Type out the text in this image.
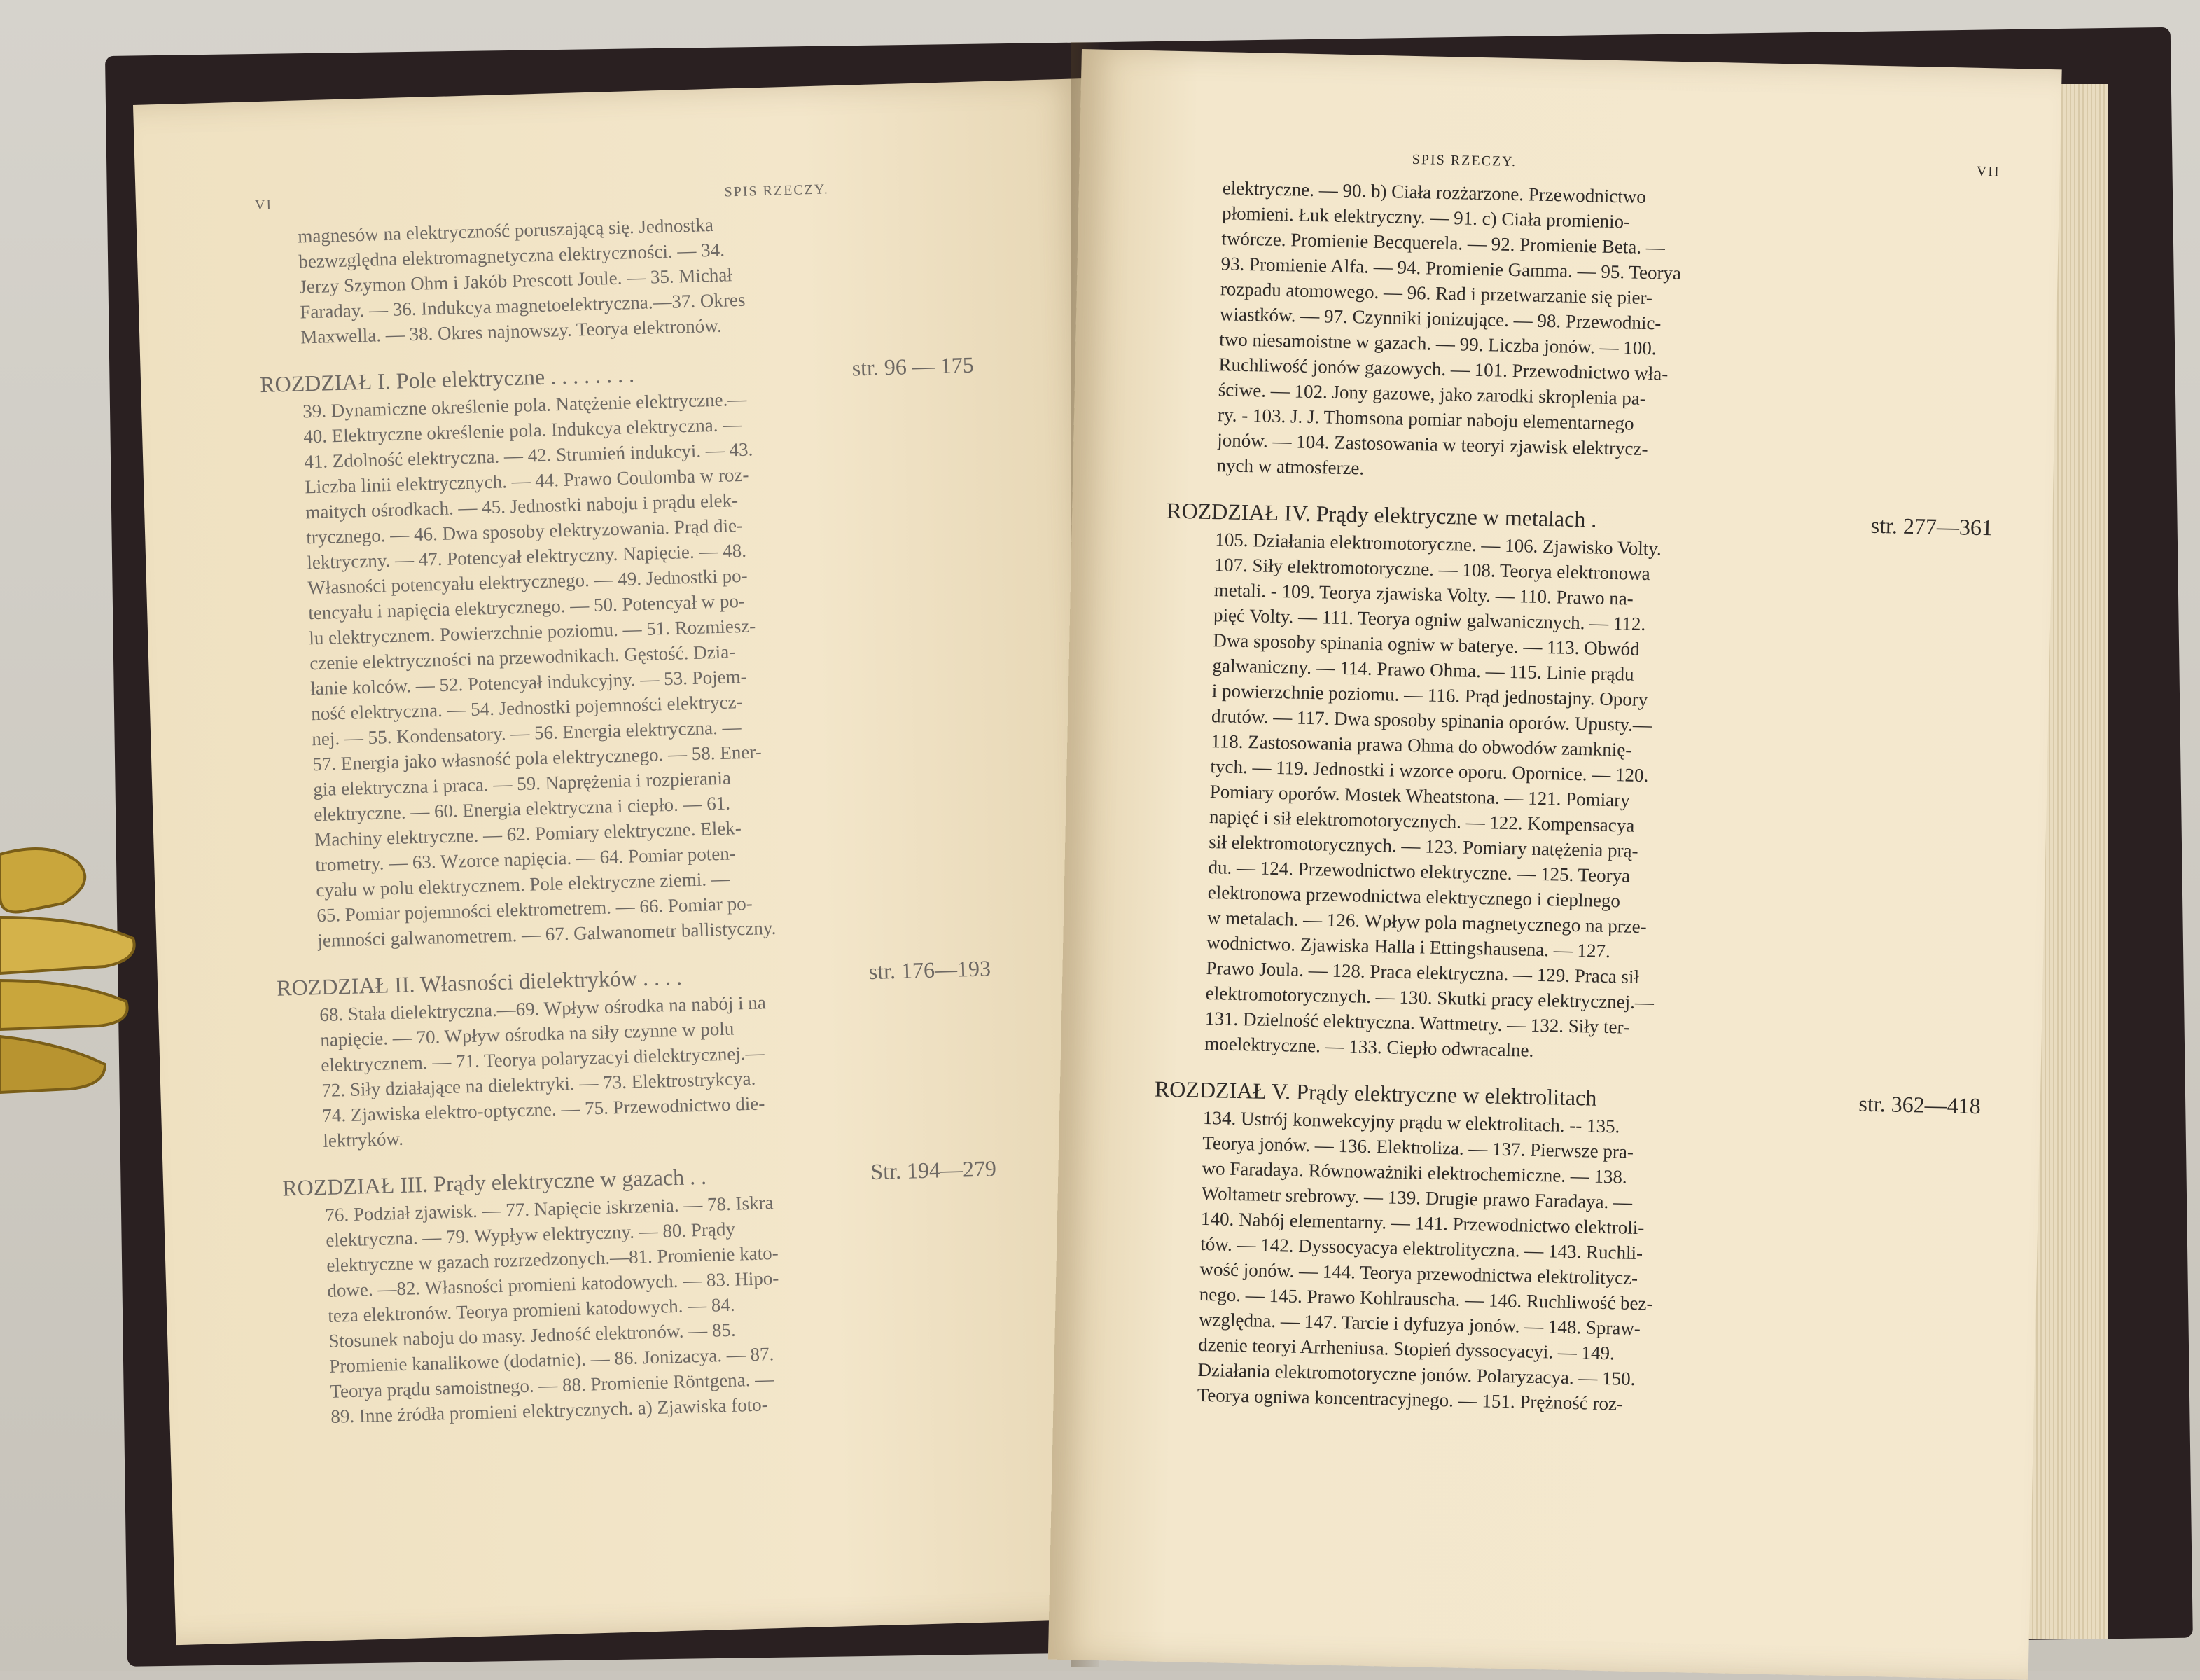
VI
SPIS RZECZY.
magnesów na elektryczność poruszającą się. Jednostka
bezwzględna elektromagnetyczna elektryczności. — 34.
Jerzy Szymon Ohm i Jakób Prescott Joule. — 35. Michał
Faraday. — 36. Indukcya magnetoelektryczna.—37. Okres
Maxwella. — 38. Okres najnowszy. Teorya elektronów.
ROZDZIAŁ I. Pole elektryczne . . . . . . . .	str. 96 — 175
39. Dynamiczne określenie pola. Natężenie elektryczne.—
40. Elektryczne określenie pola. Indukcya elektryczna. —
41. Zdolność elektryczna. — 42. Strumień indukcyi. — 43.
Liczba linii elektrycznych. — 44. Prawo Coulomba w roz-
maitych ośrodkach. — 45. Jednostki naboju i prądu elek-
trycznego. — 46. Dwa sposoby elektryzowania. Prąd die-
lektryczny. — 47. Potencyał elektryczny. Napięcie. — 48.
Własności potencyału elektrycznego. — 49. Jednostki po-
tencyału i napięcia elektrycznego. — 50. Potencyał w po-
lu elektrycznem. Powierzchnie poziomu. — 51. Rozmiesz-
czenie elektryczności na przewodnikach. Gęstość. Dzia-
łanie kolców. — 52. Potencyał indukcyjny. — 53. Pojem-
ność elektryczna. — 54. Jednostki pojemności elektrycz-
nej. — 55. Kondensatory. — 56. Energia elektryczna. —
57. Energia jako własność pola elektrycznego. — 58. Ener-
gia elektryczna i praca. — 59. Naprężenia i rozpierania
elektryczne. — 60. Energia elektryczna i ciepło. — 61.
Machiny elektryczne. — 62. Pomiary elektryczne. Elek-
trometry. — 63. Wzorce napięcia. — 64. Pomiar poten-
cyału w polu elektrycznem. Pole elektryczne ziemi. —
65. Pomiar pojemności elektrometrem. — 66. Pomiar po-
jemności galwanometrem. — 67. Galwanometr ballistyczny.
ROZDZIAŁ II. Własności dielektryków . . . .	str. 176—193
68. Stała dielektryczna.—69. Wpływ ośrodka na nabój i na
napięcie. — 70. Wpływ ośrodka na siły czynne w polu
elektrycznem. — 71. Teorya polaryzacyi dielektrycznej.—
72. Siły działające na dielektryki. — 73. Elektrostrykcya.
74. Zjawiska elektro-optyczne. — 75. Przewodnictwo die-
lektryków.
ROZDZIAŁ III. Prądy elektryczne w gazach . .	Str. 194—279
76. Podział zjawisk. — 77. Napięcie iskrzenia. — 78. Iskra
elektryczna. — 79. Wypływ elektryczny. — 80. Prądy
elektryczne w gazach rozrzedzonych.—81. Promienie kato-
dowe. —82. Własności promieni katodowych. — 83. Hipo-
teza elektronów. Teorya promieni katodowych. — 84.
Stosunek naboju do masy. Jedność elektronów. — 85.
Promienie kanalikowe (dodatnie). — 86. Jonizacya. — 87.
Teorya prądu samoistnego. — 88. Promienie Röntgena. —
89. Inne źródła promieni elektrycznych. a) Zjawiska foto-
SPIS RZECZY.
VII
elektryczne. — 90. b) Ciała rozżarzone. Przewodnictwo
płomieni. Łuk elektryczny. — 91. c) Ciała promienio-
twórcze. Promienie Becquerela. — 92. Promienie Beta. —
93. Promienie Alfa. — 94. Promienie Gamma. — 95. Teorya
rozpadu atomowego. — 96. Rad i przetwarzanie się pier-
wiastków. — 97. Czynniki jonizujące. — 98. Przewodnic-
two niesamoistne w gazach. — 99. Liczba jonów. — 100.
Ruchliwość jonów gazowych. — 101. Przewodnictwo wła-
ściwe. — 102. Jony gazowe, jako zarodki skroplenia pa-
ry. - 103. J. J. Thomsona pomiar naboju elementarnego
jonów. — 104. Zastosowania w teoryi zjawisk elektrycz-
nych w atmosferze.
ROZDZIAŁ IV. Prądy elektryczne w metalach .	str. 277—361
105. Działania elektromotoryczne. — 106. Zjawisko Volty.
107. Siły elektromotoryczne. — 108. Teorya elektronowa
metali. - 109. Teorya zjawiska Volty. — 110. Prawo na-
pięć Volty. — 111. Teorya ogniw galwanicznych. — 112.
Dwa sposoby spinania ogniw w baterye. — 113. Obwód
galwaniczny. — 114. Prawo Ohma. — 115. Linie prądu
i powierzchnie poziomu. — 116. Prąd jednostajny. Opory
drutów. — 117. Dwa sposoby spinania oporów. Upusty.—
118. Zastosowania prawa Ohma do obwodów zamknię-
tych. — 119. Jednostki i wzorce oporu. Opornice. — 120.
Pomiary oporów. Mostek Wheatstona. — 121. Pomiary
napięć i sił elektromotorycznych. — 122. Kompensacya
sił elektromotorycznych. — 123. Pomiary natężenia prą-
du. — 124. Przewodnictwo elektryczne. — 125. Teorya
elektronowa przewodnictwa elektrycznego i cieplnego
w metalach. — 126. Wpływ pola magnetycznego na prze-
wodnictwo. Zjawiska Halla i Ettingshausena. — 127.
Prawo Joula. — 128. Praca elektryczna. — 129. Praca sił
elektromotorycznych. — 130. Skutki pracy elektrycznej.—
131. Dzielność elektryczna. Wattmetry. — 132. Siły ter-
moelektryczne. — 133. Ciepło odwracalne.
ROZDZIAŁ V. Prądy elektryczne w elektrolitach	str. 362—418
134. Ustrój konwekcyjny prądu w elektrolitach. -- 135.
Teorya jonów. — 136. Elektroliza. — 137. Pierwsze pra-
wo Faradaya. Równoważniki elektrochemiczne. — 138.
Woltametr srebrowy. — 139. Drugie prawo Faradaya. —
140. Nabój elementarny. — 141. Przewodnictwo elektroli-
tów. — 142. Dyssocyacya elektrolityczna. — 143. Ruchli-
wość jonów. — 144. Teorya przewodnictwa elektrolitycz-
nego. — 145. Prawo Kohlrauscha. — 146. Ruchliwość bez-
względna. — 147. Tarcie i dyfuzya jonów. — 148. Spraw-
dzenie teoryi Arrheniusa. Stopień dyssocyacyi. — 149.
Działania elektromotoryczne jonów. Polaryzacya. — 150.
Teorya ogniwa koncentracyjnego. — 151. Prężność roz-
